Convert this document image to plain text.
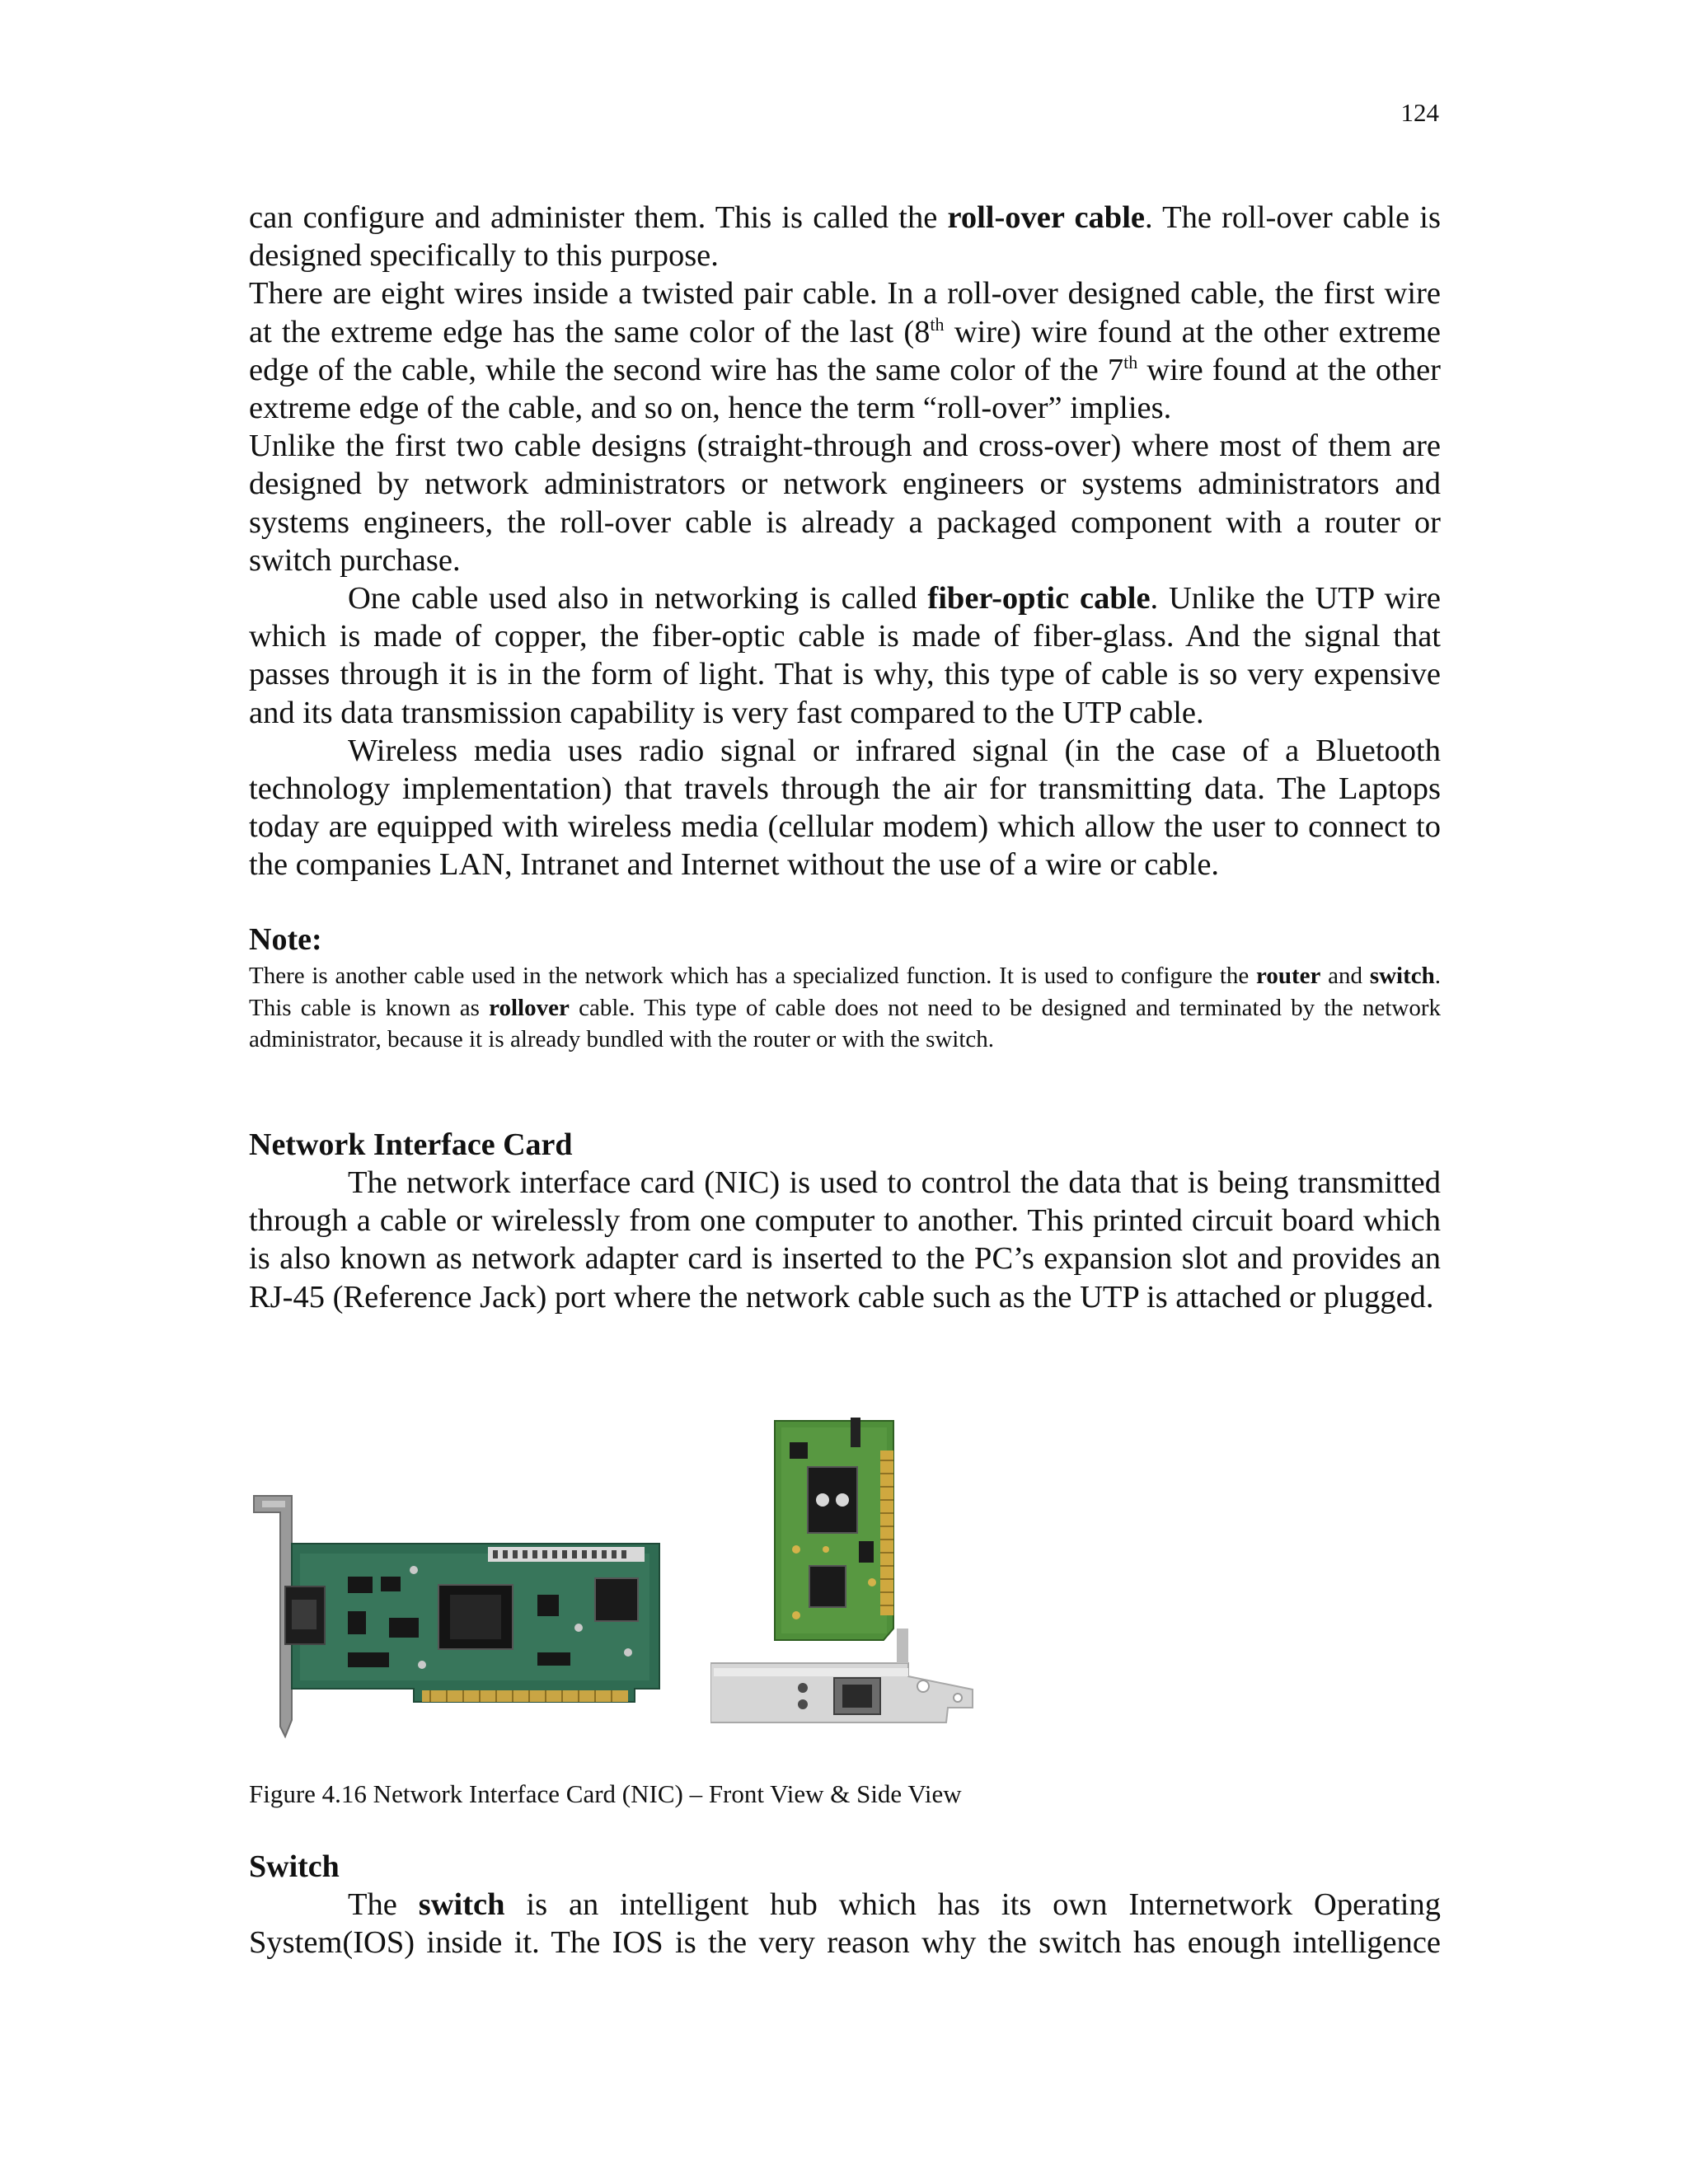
124

can configure and administer them. This is called the roll-over cable. The roll-over cable is designed specifically to this purpose.

There are eight wires inside a twisted pair cable. In a roll-over designed cable, the first wire at the extreme edge has the same color of the last (8th wire) wire found at the other extreme edge of the cable, while the second wire has the same color of the 7th wire found at the other extreme edge of the cable, and so on, hence the term “roll-over” implies.

Unlike the first two cable designs (straight-through and cross-over) where most of them are designed by network administrators or network engineers or systems administrators and systems engineers, the roll-over cable is already a packaged component with a router or switch purchase.

One cable used also in networking is called fiber-optic cable. Unlike the UTP wire which is made of copper, the fiber-optic cable is made of fiber-glass. And the signal that passes through it is in the form of light. That is why, this type of cable is so very expensive and its data transmission capability is very fast compared to the UTP cable.

Wireless media uses radio signal or infrared signal (in the case of a Bluetooth technology implementation) that travels through the air for transmitting data. The Laptops today are equipped with wireless media (cellular modem) which allow the user to connect to the companies LAN, Intranet and Internet without the use of a wire or cable.

Note:
There is another cable used in the network which has a specialized function. It is used to configure the router and switch. This cable is known as rollover cable. This type of cable does not need to be designed and terminated by the network administrator, because it is already bundled with the router or with the switch.
Network Interface Card

The network interface card (NIC) is used to control the data that is being transmitted through a cable or wirelessly from one computer to another. This printed circuit board which is also known as network adapter card is inserted to the PC’s expansion slot and provides an RJ-45 (Reference Jack) port where the network cable such as the UTP is attached or plugged.

Figure 4.16 Network Interface Card (NIC) – Front View & Side View
Switch

The switch is an intelligent hub which has its own Internetwork Operating System(IOS) inside it. The IOS is the very reason why the switch has enough intelligence
